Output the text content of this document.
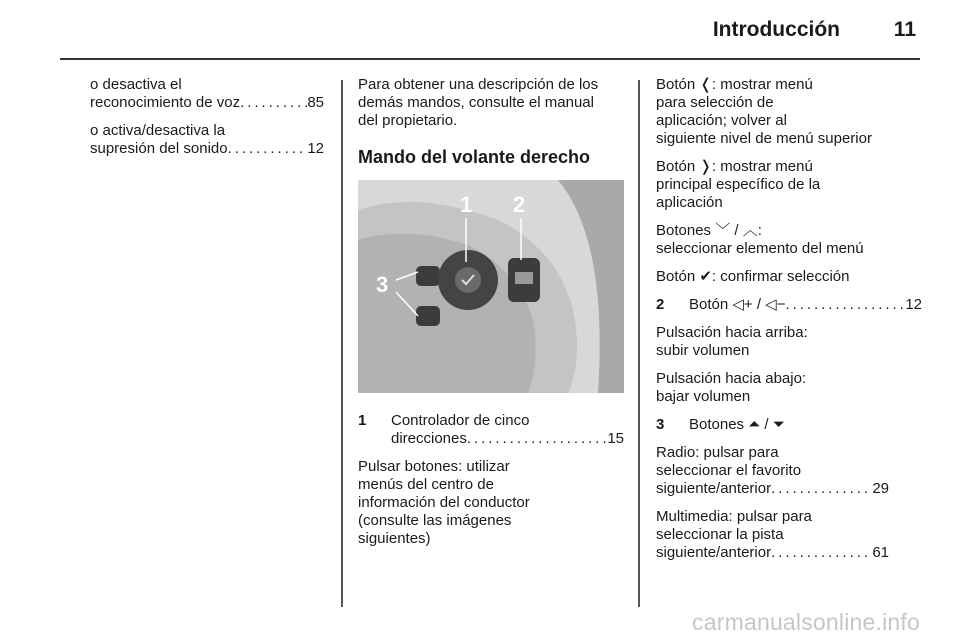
Introducción	11

o desactiva el
reconocimiento de voz . . .	85

o activa/desactiva la
supresión del sonido . . .	12

Para obtener una descripción de los
demás mandos, consulte el manual
del propietario.

Mando del volante derecho
1 2
3
1	Controlador de cinco
direcciones . . .	15

Pulsar botones: utilizar
menús del centro de
información del conductor
(consulte las imágenes
siguientes)

Botón ❬: mostrar menú
para selección de
aplicación; volver al
siguiente nivel de menú superior

Botón ❭: mostrar menú
principal específico de la
aplicación

Botones ﹀ / ︿:
seleccionar elemento del menú

Botón ✔: confirmar selección

2	Botón ◁+ / ◁− . . .	12

Pulsación hacia arriba:
subir volumen

Pulsación hacia abajo:
bajar volumen

3	Botones ⏶ / ⏷

Radio: pulsar para
seleccionar el favorito
siguiente/anterior . . .	29

Multimedia: pulsar para
seleccionar la pista
siguiente/anterior . . .	61

carmanualsonline.info
